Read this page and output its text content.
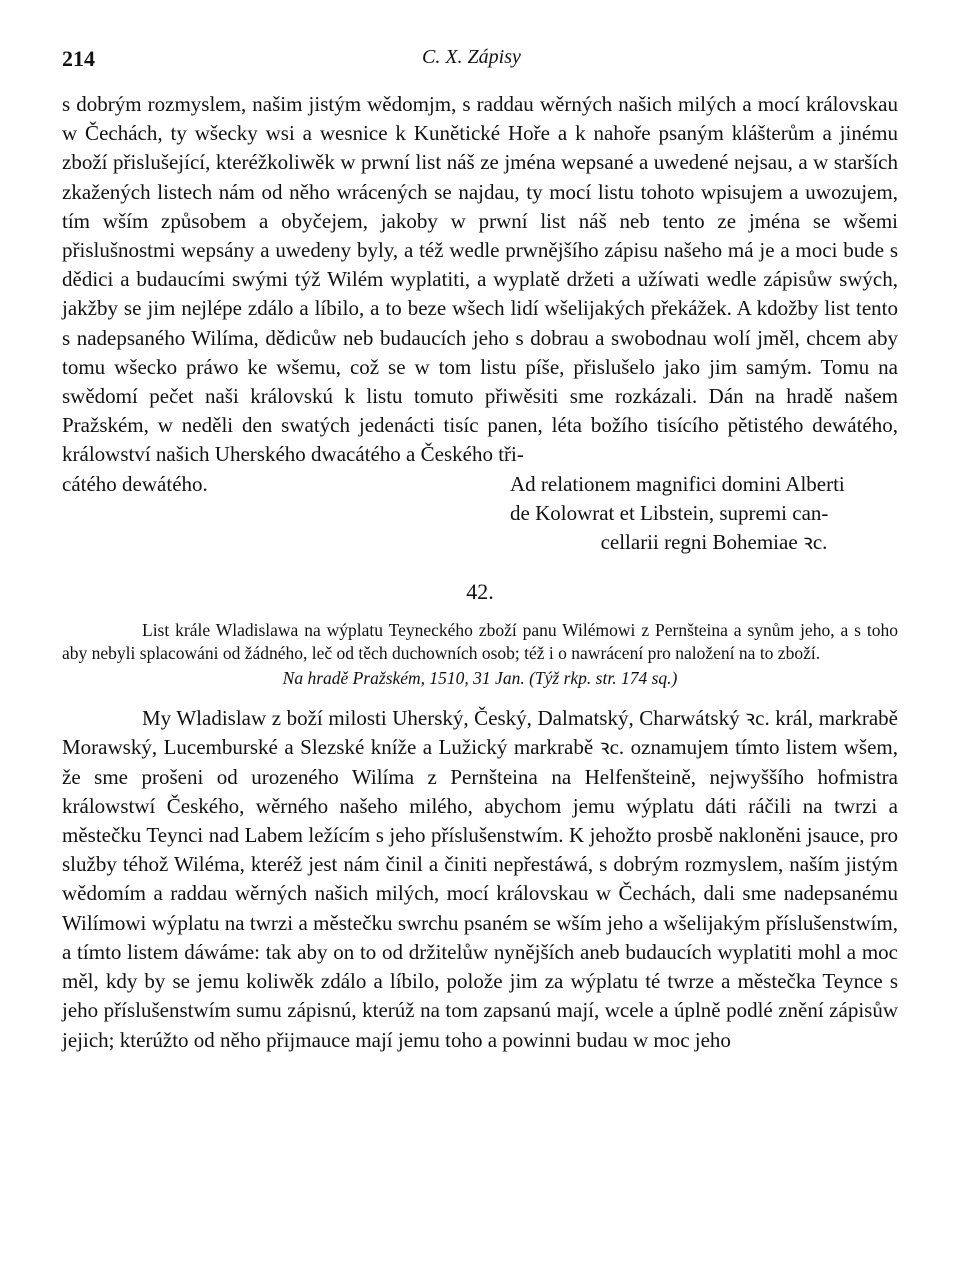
214	C. X. Zápisy

s dobrým rozmyslem, našim jistým wědomjm, s raddau wěrných našich milých a mocí královskau w Čechách, ty wšecky wsi a wesnice k Kunětické Hoře a k nahoře psaným klášterům a jinému zboží přislušející, kteréžkoliwěk w prwní list náš ze jména wepsané a uwedené nejsau, a w starších zkažených listech nám od něho wrácených se najdau, ty mocí listu tohoto wpisujem a uwozujem, tím wším způsobem a obyčejem, jakoby w prwní list náš neb tento ze jména se wšemi přislušnostmi wepsány a uwedeny byly, a též wedle prwnějšího zápisu našeho má je a moci bude s dědici a budaucími swými týž Wilém wyplatiti, a wyplatě držeti a užíwati wedle zápisůw swých, jakžby se jim nejlépe zdálo a líbilo, a to beze wšech lidí wšelijakých překážek. A kdožby list tento s nadepsaného Wilíma, dědicůw neb budaucích jeho s dobrau a swobodnau wolí jměl, chcem aby tomu wšecko práwo ke wšemu, což se w tom listu píše, přislušelo jako jim samým. Tomu na swědomí pečet naši královskú k listu tomuto přiwěsiti sme rozkázali. Dán na hradě našem Pražském, w neděli den swatých jedenácti tisíc panen, léta božího tisícího pětistého dewátého, králowství našich Uherského dwacátého a Českého tři-

cátého dewátého.	Ad relationem magnifici domini Alberti
de Kolowrat et Libstein, supremi can-
cellarii regni Bohemiae ꝛc.
42.
List krále Wladislawa na wýplatu Teyneckého zboží panu Wilémowi z Pernšteina a synům jeho, a s toho aby nebyli splacowáni od žádného, leč od těch duchowních osob; též i o nawrácení pro naložení na to zboží.
Na hradě Pražském, 1510, 31 Jan. (Týž rkp. str. 174 sq.)

My Wladislaw z boží milosti Uherský, Český, Dalmatský, Charwátský ꝛc. král, markrabě Morawský, Lucemburské a Slezské kníže a Lužický markrabě ꝛc. oznamujem tímto listem wšem, že sme prošeni od urozeného Wilíma z Pernšteina na Helfenšteině, nejwyššího hofmistra králowstwí Českého, wěrného našeho milého, abychom jemu wýplatu dáti ráčili na twrzi a městečku Teynci nad Labem ležícím s jeho příslušenstwím. K jehožto prosbě nakloněni jsauce, pro služby téhož Wiléma, kteréž jest nám činil a činiti nepřestáwá, s dobrým rozmyslem, naším jistým wědomím a raddau wěrných našich milých, mocí královskau w Čechách, dali sme nadepsanému Wilímowi wýplatu na twrzi a městečku swrchu psaném se wším jeho a wšelijakým příslušenstwím, a tímto listem dáwáme: tak aby on to od držitelůw nynějších aneb budaucích wyplatiti mohl a moc měl, kdy by se jemu koliwěk zdálo a líbilo, polože jim za wýplatu té twrze a městečka Teynce s jeho příslušenstwím sumu zápisnú, kterúž na tom zapsanú mají, wcele a úplně podlé znění zápisůw jejich; kterúžto od něho přijmauce mají jemu toho a powinni budau w moc jeho
